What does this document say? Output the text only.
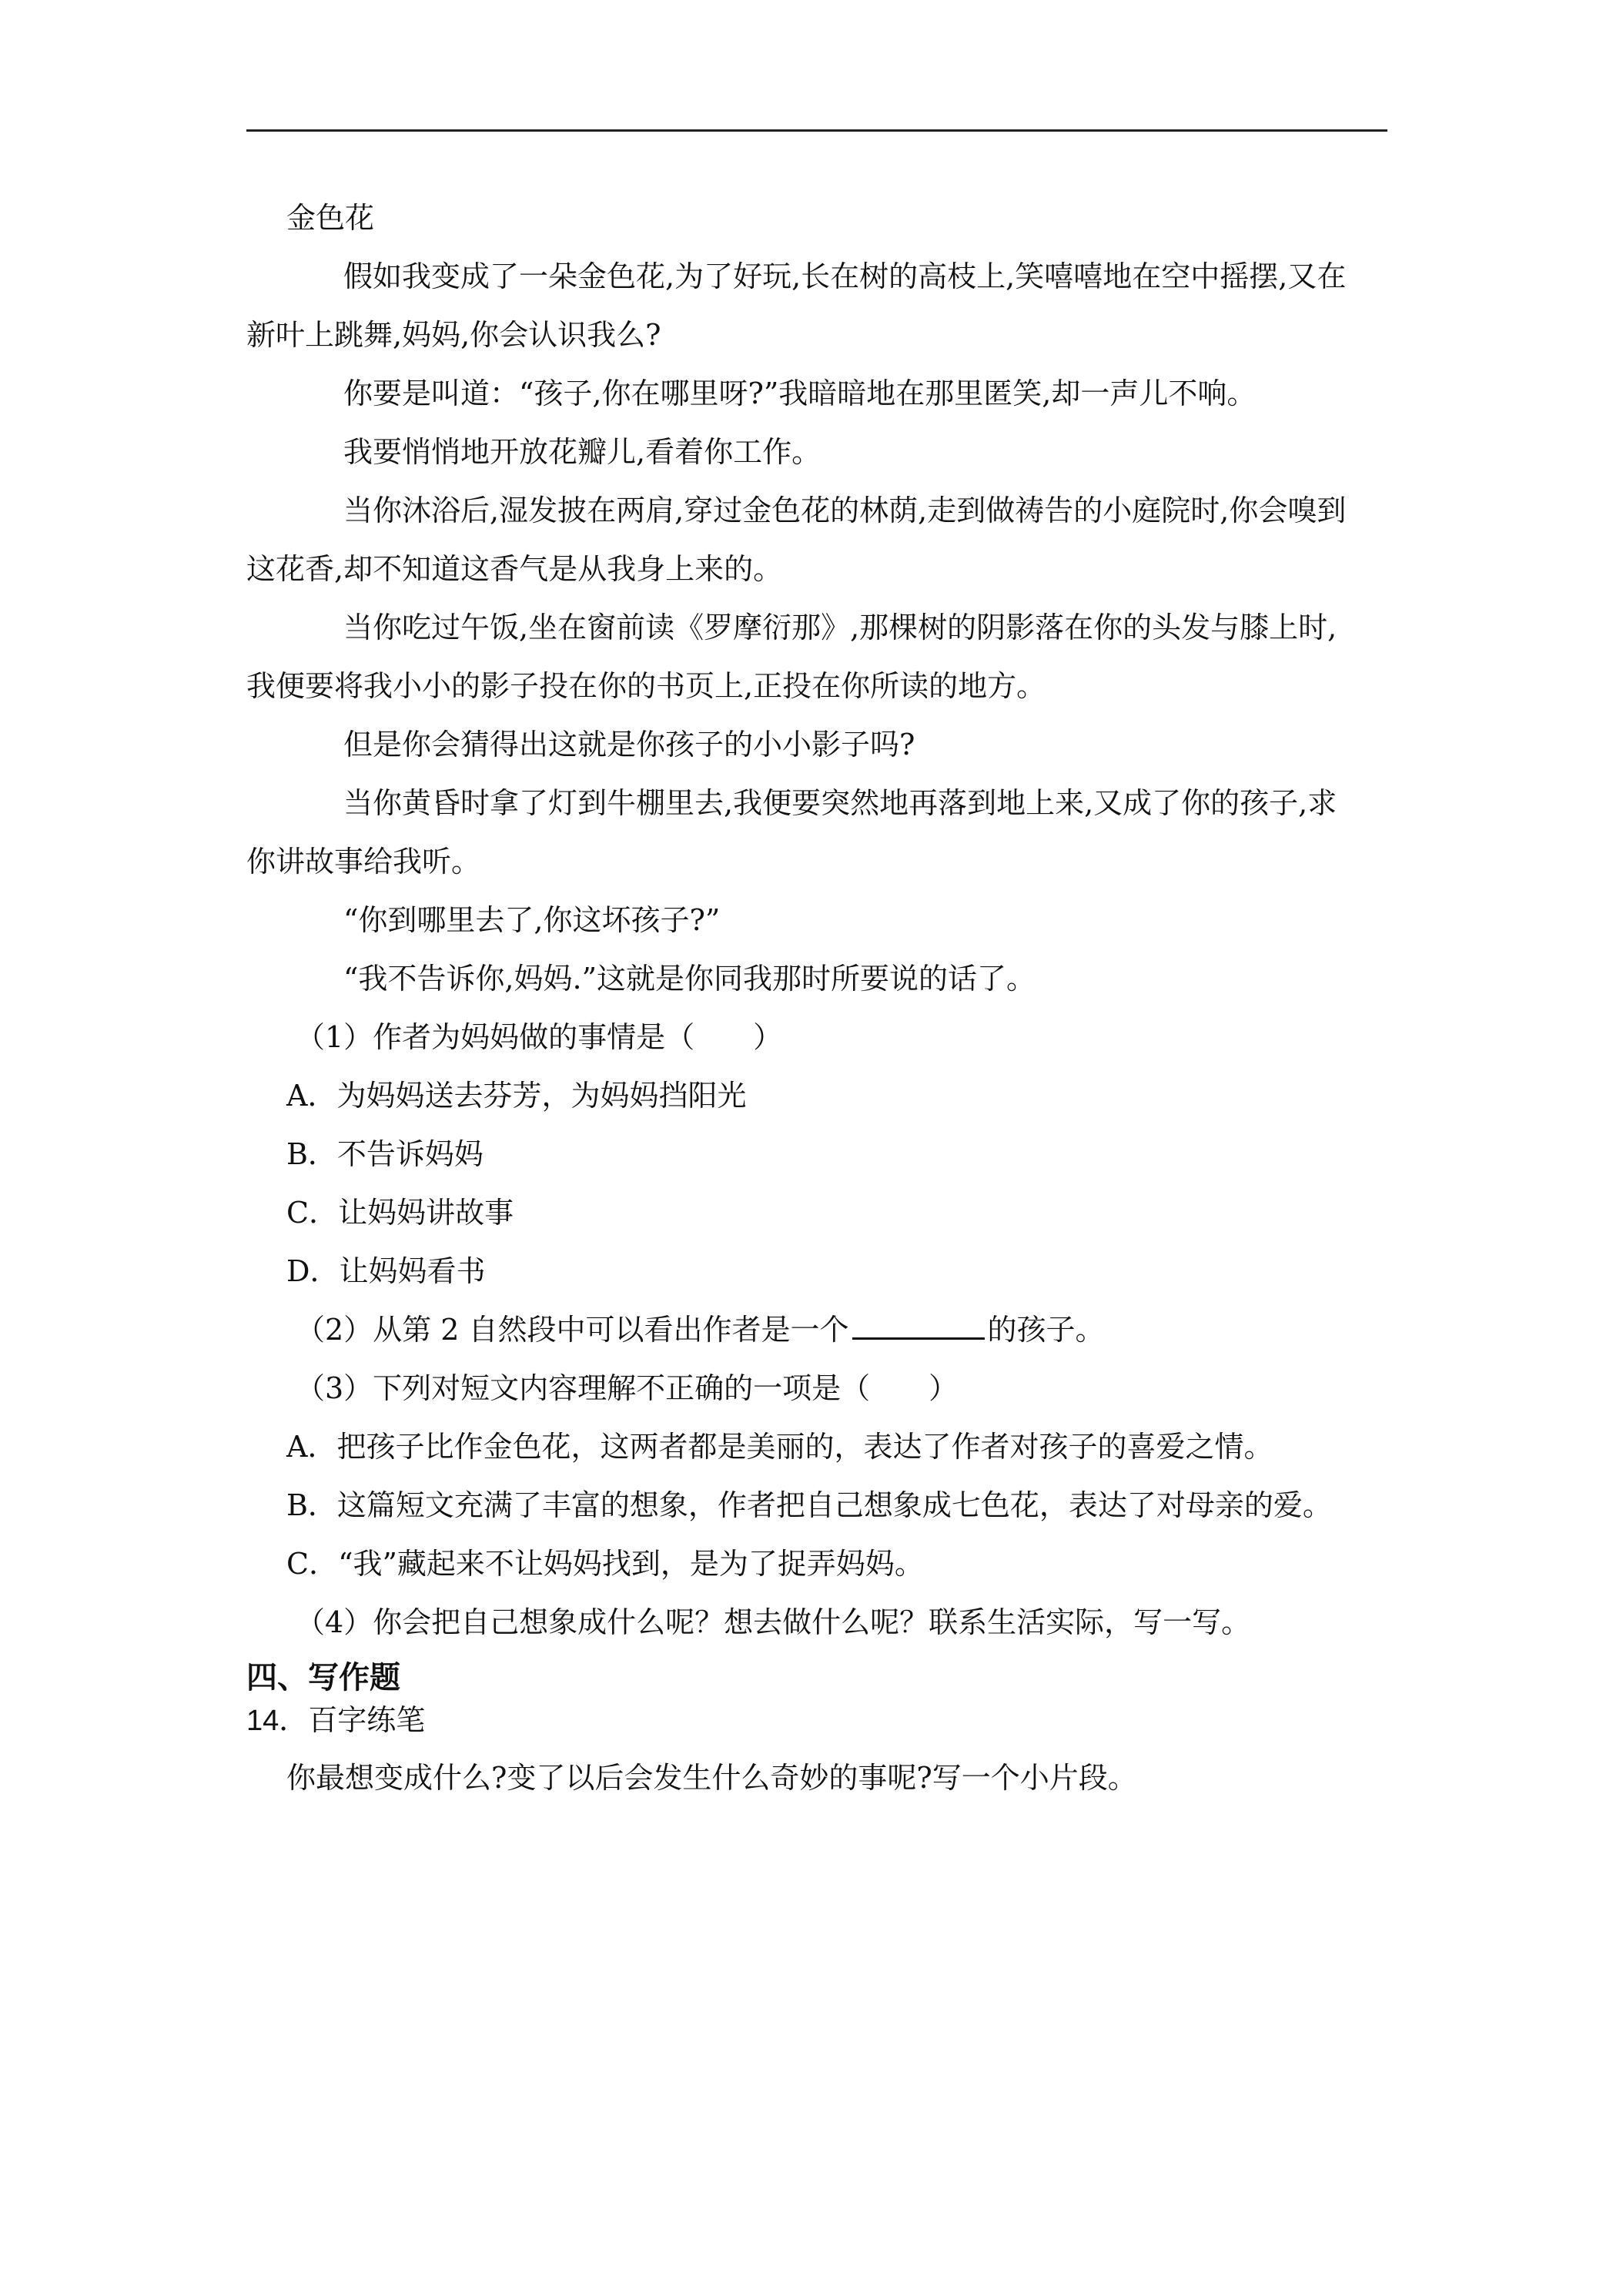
金色花
假如我变成了一朵金色花,为了好玩,长在树的高枝上,笑嘻嘻地在空中摇摆,又在
新叶上跳舞,妈妈,你会认识我么?
你要是叫道：“孩子,你在哪里呀?”我暗暗地在那里匿笑,却一声儿不响。
我要悄悄地开放花瓣儿,看着你工作。
当你沐浴后,湿发披在两肩,穿过金色花的林荫,走到做祷告的小庭院时,你会嗅到
这花香,却不知道这香气是从我身上来的。
当你吃过午饭,坐在窗前读《罗摩衍那》,那棵树的阴影落在你的头发与膝上时,
我便要将我小小的影子投在你的书页上,正投在你所读的地方。
但是你会猜得出这就是你孩子的小小影子吗?
当你黄昏时拿了灯到牛棚里去,我便要突然地再落到地上来,又成了你的孩子,求
你讲故事给我听。
“你到哪里去了,你这坏孩子?”
“我不告诉你,妈妈.”这就是你同我那时所要说的话了。
（1）作者为妈妈做的事情是（　　）
A．为妈妈送去芬芳，为妈妈挡阳光
B．不告诉妈妈
C．让妈妈讲故事
D．让妈妈看书
（2）从第 2 自然段中可以看出作者是一个	的孩子。
（3）下列对短文内容理解不正确的一项是（　　）
A．把孩子比作金色花，这两者都是美丽的，表达了作者对孩子的喜爱之情。
B．这篇短文充满了丰富的想象，作者把自己想象成七色花，表达了对母亲的爱。
C．“我”藏起来不让妈妈找到，是为了捉弄妈妈。
（4）你会把自己想象成什么呢？想去做什么呢？联系生活实际，写一写。
四、写作题
14．百字练笔
你最想变成什么?变了以后会发生什么奇妙的事呢?写一个小片段。
